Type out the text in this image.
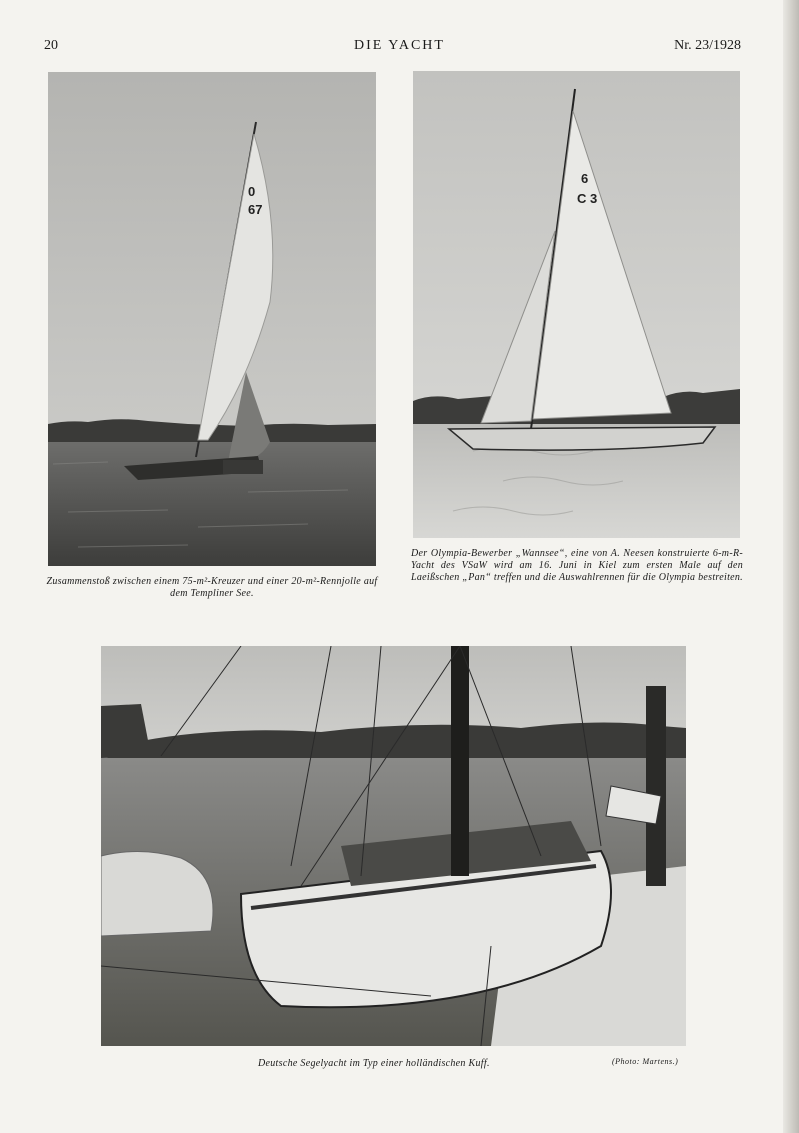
20	DIE YACHT	Nr. 23/1928
0
67
Zusammenstoß zwischen einem 75-m²-Kreuzer und einer 20-m²-Rennjolle auf dem Templiner See.
6
C 3
Der Olympia-Bewerber „Wannsee“, eine von A. Neesen konstruierte 6-m-R-Yacht des VSaW wird am 16. Juni in Kiel zum ersten Male auf den Laeißschen „Pan“ treffen und die Auswahlrennen für die Olympia bestreiten.
Deutsche Segelyacht im Typ einer holländischen Kuff.	(Photo: Martens.)
